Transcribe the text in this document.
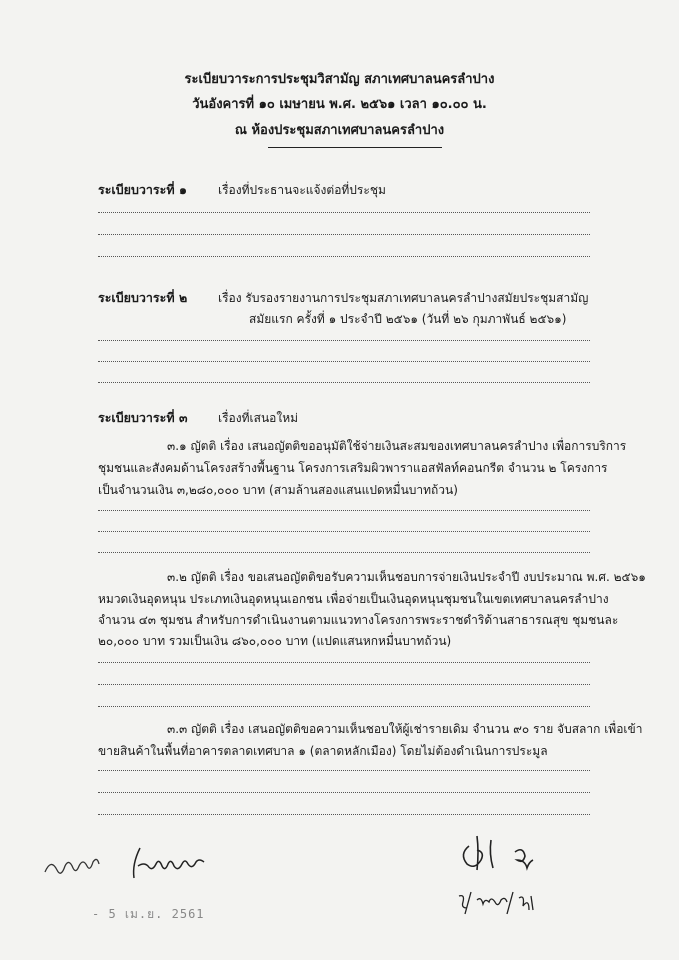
ระเบียบวาระการประชุมวิสามัญ สภาเทศบาลนครลำปาง
วันอังคารที่ ๑๐ เมษายน พ.ศ. ๒๕๖๑ เวลา ๑๐.๐๐ น.
ณ ห้องประชุมสภาเทศบาลนครลำปาง
ระเบียบวาระที่ ๑	เรื่องที่ประธานจะแจ้งต่อที่ประชุม
ระเบียบวาระที่ ๒	เรื่อง รับรองรายงานการประชุมสภาเทศบาลนครลำปางสมัยประชุมสามัญ
สมัยแรก ครั้งที่ ๑ ประจำปี ๒๕๖๑ (วันที่ ๒๖ กุมภาพันธ์ ๒๕๖๑)
ระเบียบวาระที่ ๓	เรื่องที่เสนอใหม่
๓.๑ ญัตติ เรื่อง เสนอญัตติขออนุมัติใช้จ่ายเงินสะสมของเทศบาลนครลำปาง เพื่อการบริการ
ชุมชนและสังคมด้านโครงสร้างพื้นฐาน โครงการเสริมผิวพาราแอสฟัลท์คอนกรีต จำนวน ๒ โครงการ
เป็นจำนวนเงิน ๓,๒๘๐,๐๐๐ บาท (สามล้านสองแสนแปดหมื่นบาทถ้วน)
๓.๒ ญัตติ เรื่อง ขอเสนอญัตติขอรับความเห็นชอบการจ่ายเงินประจำปี งบประมาณ พ.ศ. ๒๕๖๑
หมวดเงินอุดหนุน ประเภทเงินอุดหนุนเอกชน เพื่อจ่ายเป็นเงินอุดหนุนชุมชนในเขตเทศบาลนครลำปาง
จำนวน ๔๓ ชุมชน สำหรับการดำเนินงานตามแนวทางโครงการพระราชดำริด้านสาธารณสุข ชุมชนละ
๒๐,๐๐๐ บาท รวมเป็นเงิน ๘๖๐,๐๐๐ บาท (แปดแสนหกหมื่นบาทถ้วน)
๓.๓ ญัตติ เรื่อง เสนอญัตติขอความเห็นชอบให้ผู้เช่ารายเดิม จำนวน ๙๐ ราย จับสลาก เพื่อเข้า
ขายสินค้าในพื้นที่อาคารตลาดเทศบาล ๑ (ตลาดหลักเมือง) โดยไม่ต้องดำเนินการประมูล
- 5 เม.ย. 2561
